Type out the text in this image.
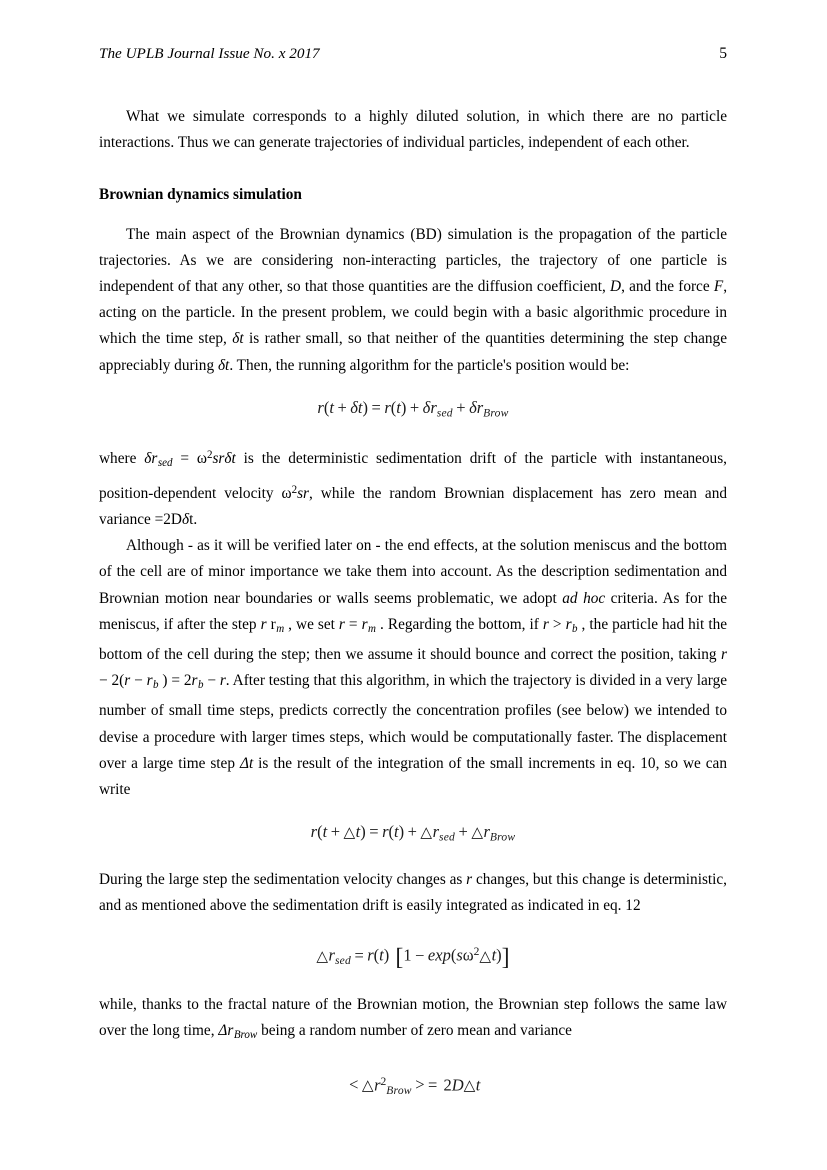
The UPLB Journal Issue No. x 2017	5

What we simulate corresponds to a highly diluted solution, in which there are no particle interactions. Thus we can generate trajectories of individual particles, independent of each other.

Brownian dynamics simulation

The main aspect of the Brownian dynamics (BD) simulation is the propagation of the particle trajectories. As we are considering non-interacting particles, the trajectory of one particle is independent of that any other, so that those quantities are the diffusion coefficient, D, and the force F, acting on the particle. In the present problem, we could begin with a basic algorithmic procedure in which the time step, δt is rather small, so that neither of the quantities determining the step change appreciably during δt. Then, the running algorithm for the particle's position would be:

$r(t + \delta t) = r(t) + \delta r_{sed} + \delta r_{Brow}$

where $\delta r_{sed} = \omega^2sr\delta t$ is the deterministic sedimentation drift of the particle with instantaneous, position-dependent velocity $\omega^2sr$, while the random Brownian displacement has zero mean and variance =2Dδt.

Although - as it will be verified later on - the end effects, at the solution meniscus and the bottom of the cell are of minor importance we take them into account. As the description sedimentation and Brownian motion near boundaries or walls seems problematic, we adopt ad hoc criteria. As for the meniscus, if after the step r $r_m$ , we set $r = r_m$ . Regarding the bottom, if $r > r_b$ , the particle had hit the bottom of the cell during the step; then we assume it should bounce and correct the position, taking $r - 2(r - r_b$ ) = $2r_b - r$. After testing that this algorithm, in which the trajectory is divided in a very large number of small time steps, predicts correctly the concentration profiles (see below) we intended to devise a procedure with larger times steps, which would be computationally faster. The displacement over a large time step Δt is the result of the integration of the small increments in eq. 10, so we can write

r(t + △t) = $r(t) + \triangle r_{sed}$ + $\triangle r_{Brow}$

During the large step the sedimentation velocity changes as r changes, but this change is deterministic, and as mentioned above the sedimentation drift is easily integrated as indicated in eq. 12

$\triangle r_{sed} = r(t) [1$ − $\exp(s\omega^2\triangle t)$]

while, thanks to the fractal nature of the Brownian motion, the Brownian step follows the same law over the long time, $\Delta r_{Brow}$ being a random number of zero mean and variance

< $\triangle r^2_{Brow}$ > = 2D△t
